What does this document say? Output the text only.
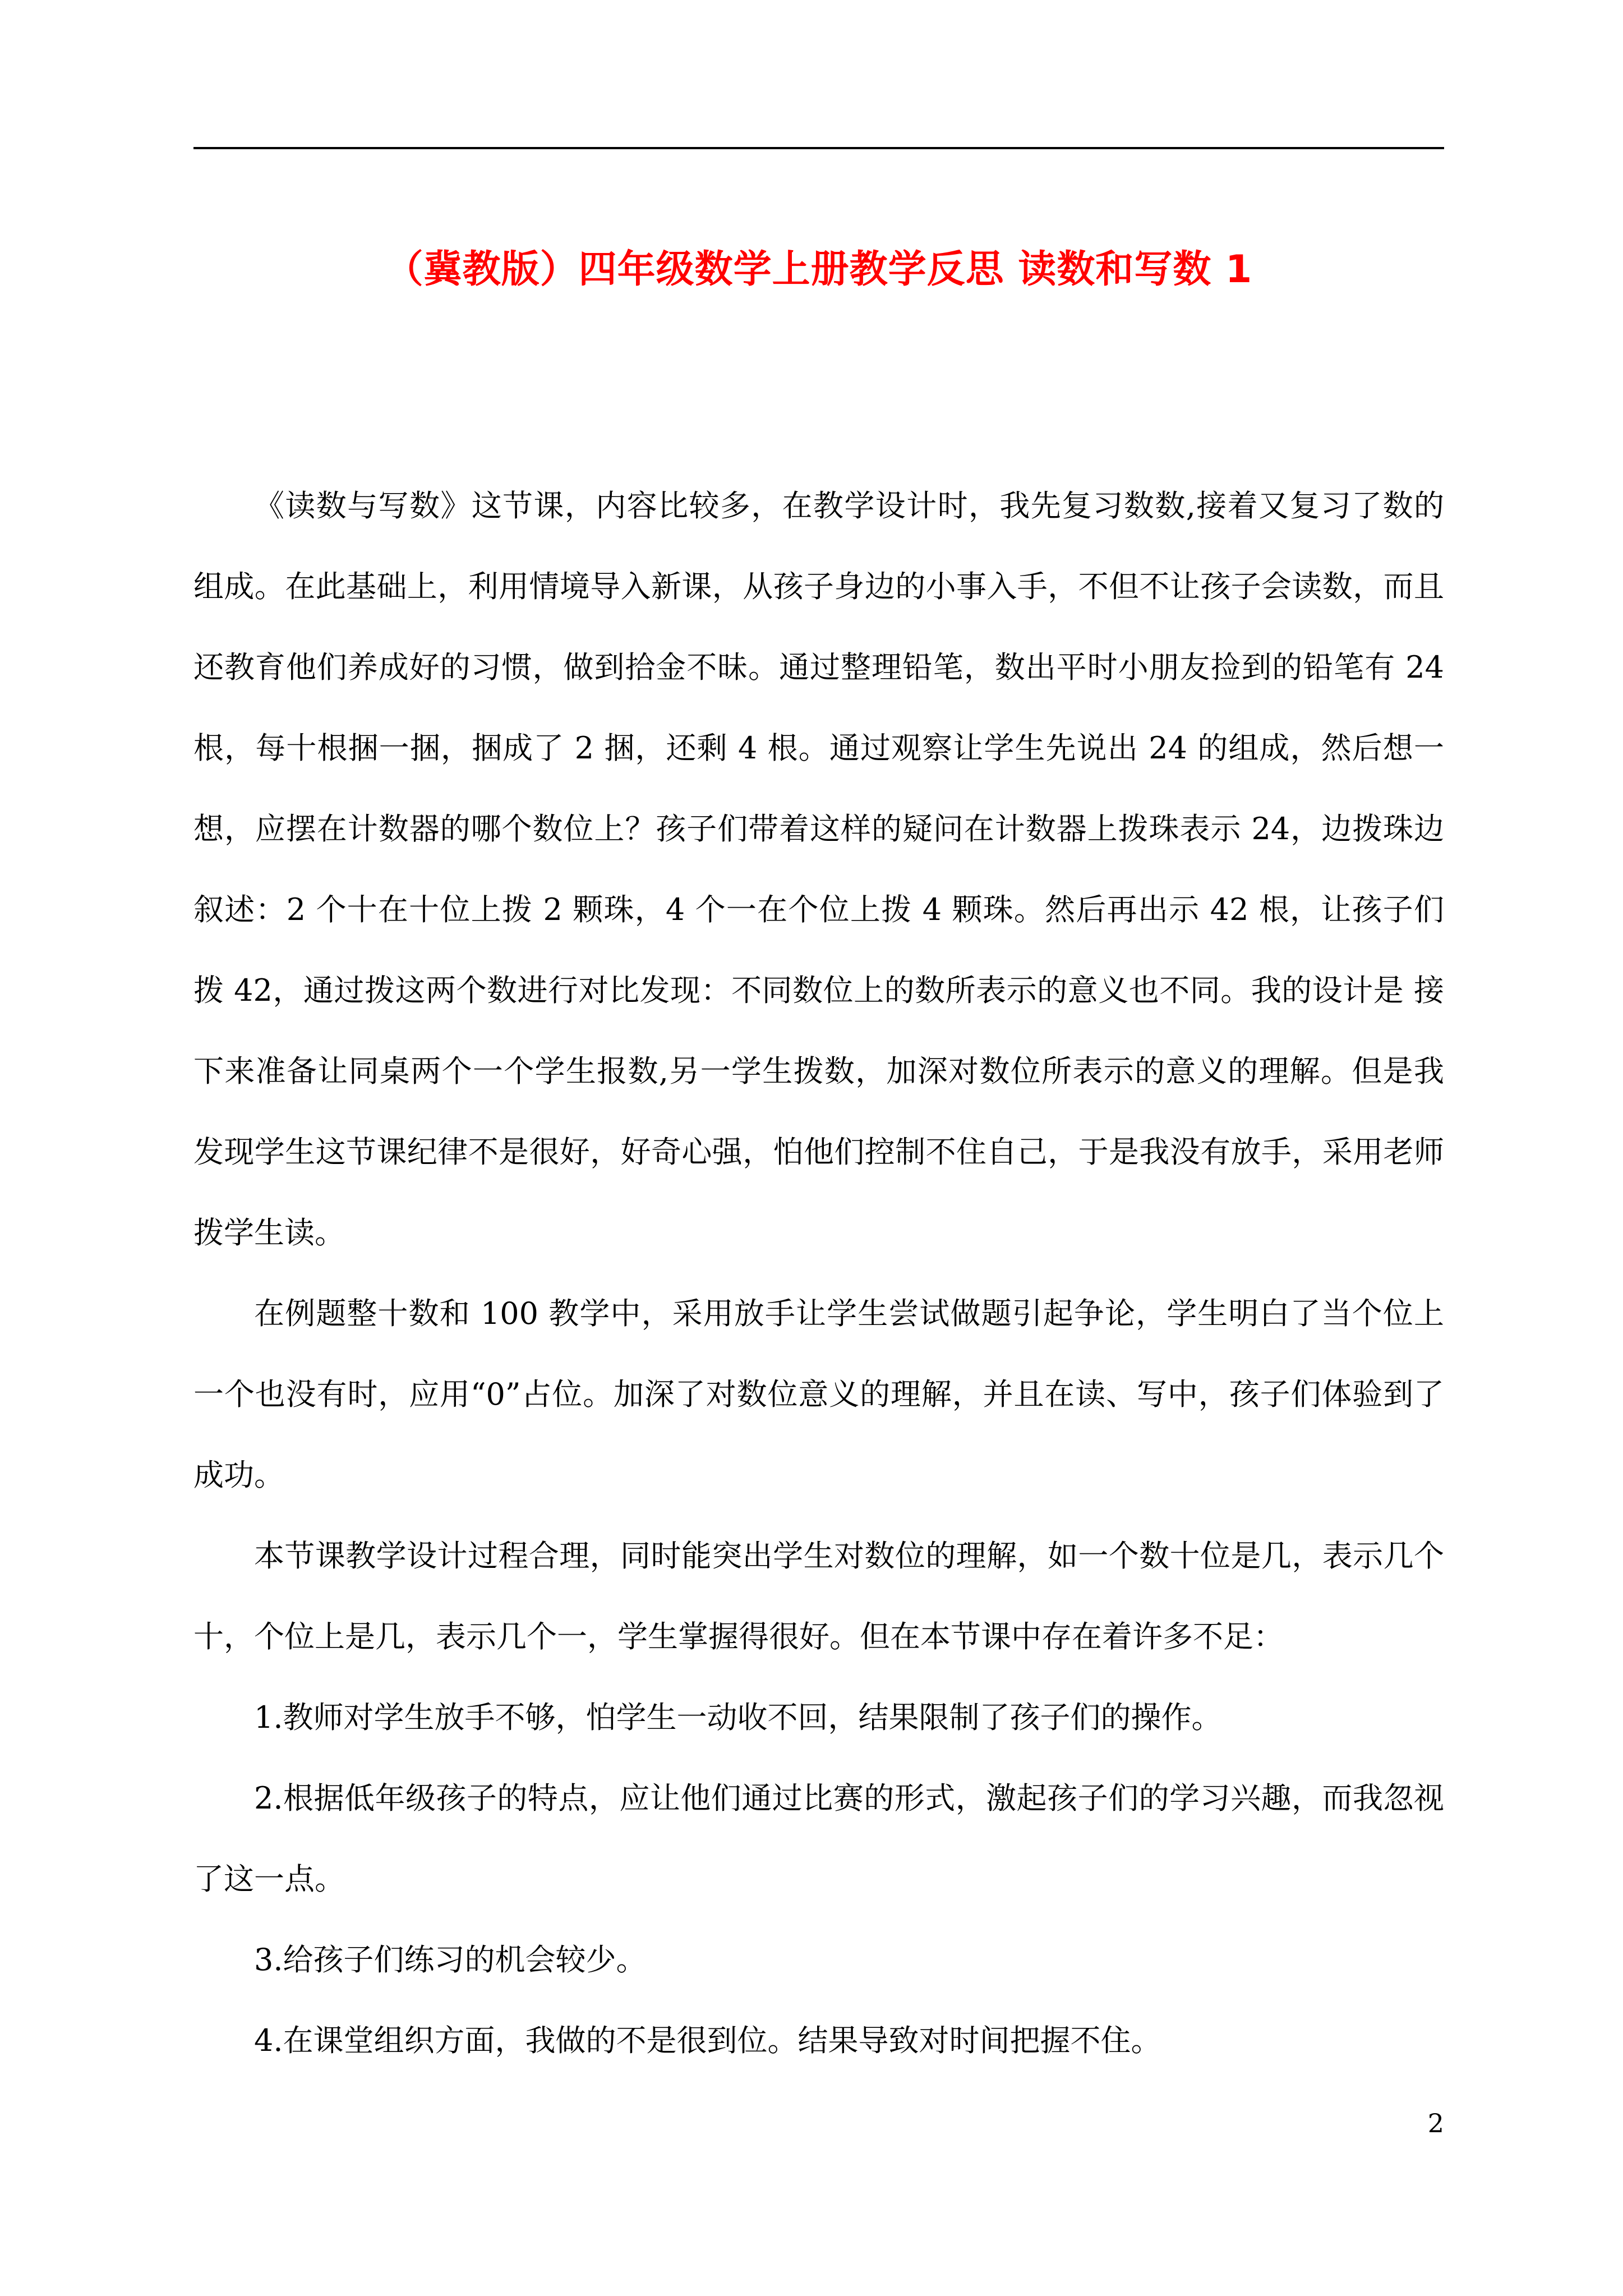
（冀教版）四年级数学上册教学反思 读数和写数 1

《读数与写数》这节课，内容比较多，在教学设计时，我先复习数数,接着又复习了数的组成。在此基础上，利用情境导入新课，从孩子身边的小事入手，不但不让孩子会读数，而且还教育他们养成好的习惯，做到拾金不昧。通过整理铅笔，数出平时小朋友捡到的铅笔有 24 根，每十根捆一捆，捆成了 2 捆，还剩 4 根。通过观察让学生先说出 24 的组成，然后想一想，应摆在计数器的哪个数位上？孩子们带着这样的疑问在计数器上拨珠表示 24，边拨珠边叙述：2 个十在十位上拨 2 颗珠，4 个一在个位上拨 4 颗珠。然后再出示 42 根，让孩子们拨 42，通过拨这两个数进行对比发现：不同数位上的数所表示的意义也不同。我的设计是 接下来准备让同桌两个一个学生报数,另一学生拨数，加深对数位所表示的意义的理解。但是我发现学生这节课纪律不是很好，好奇心强，怕他们控制不住自己，于是我没有放手，采用老师拨学生读。

在例题整十数和 100 教学中，采用放手让学生尝试做题引起争论，学生明白了当个位上一个也没有时，应用“0”占位。加深了对数位意义的理解，并且在读、写中，孩子们体验到了成功。

本节课教学设计过程合理，同时能突出学生对数位的理解，如一个数十位是几，表示几个十，个位上是几，表示几个一，学生掌握得很好。但在本节课中存在着许多不足：

1.教师对学生放手不够，怕学生一动收不回，结果限制了孩子们的操作。

2.根据低年级孩子的特点，应让他们通过比赛的形式，激起孩子们的学习兴趣，而我忽视了这一点。

3.给孩子们练习的机会较少。

4.在课堂组织方面，我做的不是很到位。结果导致对时间把握不住。

2
